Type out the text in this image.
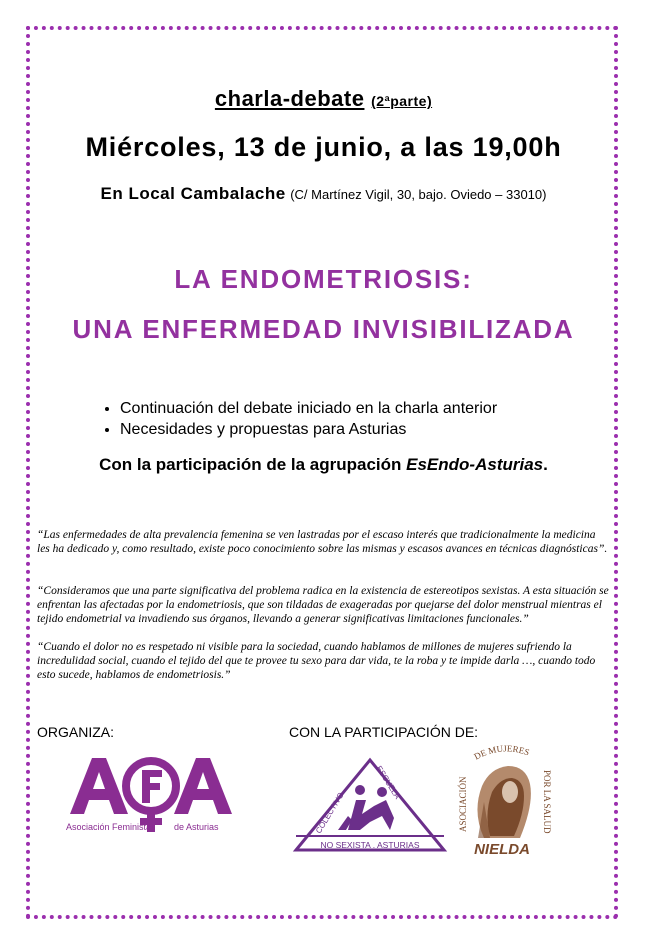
charla-debate (2ªparte)
Miércoles, 13 de junio, a las 19,00h
En Local Cambalache (C/ Martínez Vigil, 30, bajo. Oviedo – 33010)
LA ENDOMETRIOSIS:
UNA ENFERMEDAD INVISIBILIZADA
• Continuación del debate iniciado en la charla anterior
• Necesidades y propuestas para Asturias
Con la participación de la agrupación EsEndo-Asturias.
“Las enfermedades de alta prevalencia femenina se ven lastradas por el escaso interés que tradicionalmente la medicina les ha dedicado y, como resultado, existe poco conocimiento sobre las mismas y escasos avances en técnicas diagnósticas”.
“Consideramos que una parte significativa del problema radica en la existencia de estereotipos sexistas. A esta situación se enfrentan las afectadas por la endometriosis, que son tildadas de exageradas por quejarse del dolor menstrual mientras el tejido endometrial va invadiendo sus órganos, llevando a generar significativas limitaciones funcionales.”
“Cuando el dolor no es respetado ni visible para la sociedad, cuando hablamos de millones de mujeres sufriendo la incredulidad social, cuando el tejido del que te provee tu sexo para dar vida, te la roba y te impide darla …, cuando todo esto sucede, hablamos de endometriosis.”
ORGANIZA:	CON LA PARTICIPACIÓN DE:
Asociación Feminista	de Asturias	COLECTIVO
ESCUELA
NO SEXISTA . ASTURIAS
DE MUJERES
ASOCIACIÓN	POR LA SALUD
NIELDA
